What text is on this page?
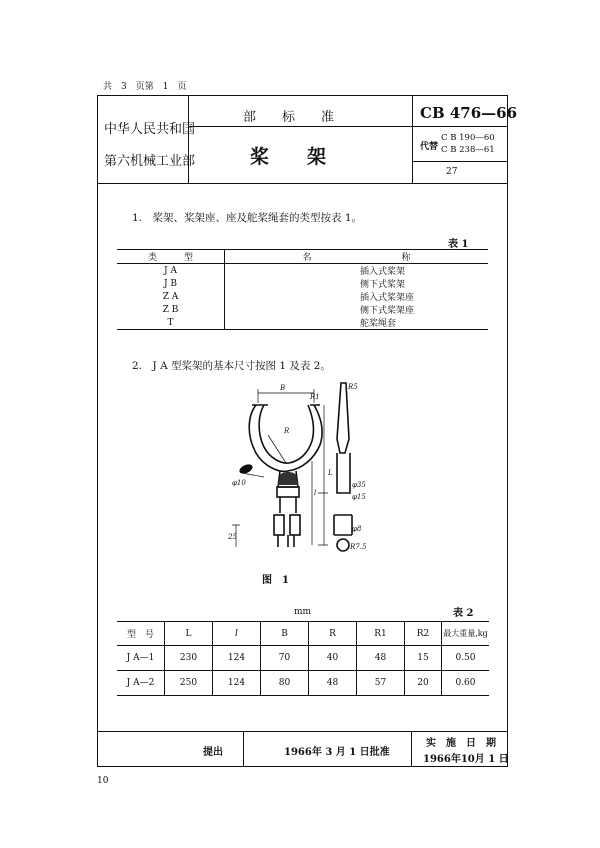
共　3　页第　1　页
中华人民共和国
第六机械工业部
部　　标　　准
桨　　架
CB 476—66
代替
C B 190—60
C B 238—61
27
1.　桨架、桨架座、座及舵桨绳套的类型按表 1。
表 1
类　　　型	名　　　　　　　　　　称
J A	插入式桨架
J B	侧下式桨架
Z A	插入式桨架座
Z B	侧下式桨架座
T	舵桨绳套
2.　J A 型桨架的基本尺寸按图 1 及表 2。
B
R1
R
L
l
R5
φ10	φ35
φ15
φ8
R7.5
25
图　1
mm	表 2
型　号	L	l	B	R	R1	R2	最大重量,kg
J A—1	230	124	70	40	48	15	0.50
J A—2	250	124	80	48	57	20	0.60
提出	1966年 3 月 1 日批准
实　施　日　期
1966年10月 1 日
10
